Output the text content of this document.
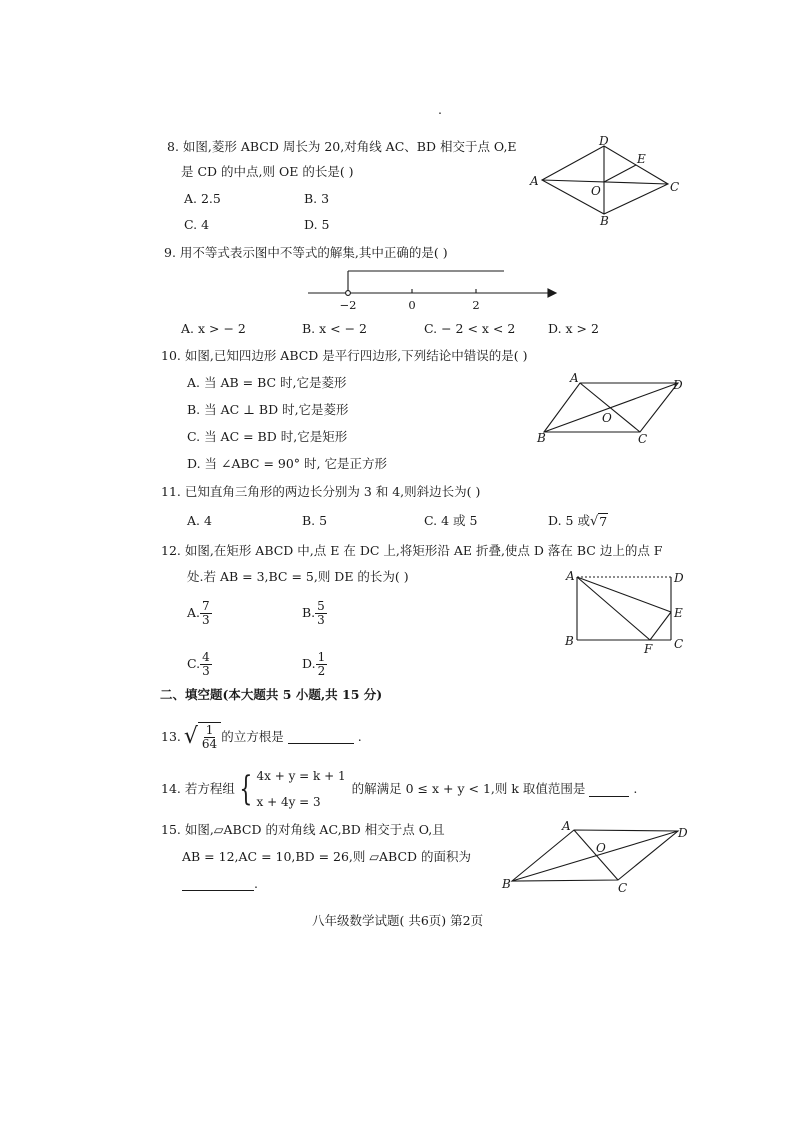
.
8. 如图,菱形 ABCD 周长为 20,对角线 AC、BD 相交于点 O,E
是 CD 的中点,则 OE 的长是( )
A. 2.5	B. 3
C. 4	D. 5
A
D
E
C
O
B
9. 用不等式表示图中不等式的解集,其中正确的是( )
−2	0	2
A. x > − 2	B. x < − 2	C. − 2 < x < 2	D. x > 2
10. 如图,已知四边形 ABCD 是平行四边形,下列结论中错误的是( )
A. 当 AB = BC 时,它是菱形
B. 当 AC ⊥ BD 时,它是菱形
C. 当 AC = BD 时,它是矩形
D. 当 ∠ABC = 90° 时, 它是正方形
A	D
O
B	C
11. 已知直角三角形的两边长分别为 3 和 4,则斜边长为( )
A. 4	B. 5	C. 4 或 5	D. 5 或 √ 7
12. 如图,在矩形 ABCD 中,点 E 在 DC 上,将矩形沿 AE 折叠,使点 D 落在 BC 边上的点 F
处.若 AB = 3,BC = 5,则 DE 的长为( )
A. $\frac{7}{3}$	B. $\frac{5}{3}$
C. $\frac{4}{3}$	D. $\frac{1}{2}$
A	D
E
B	C
F
二、填空题(本大题共 5 小题,共 15 分)
13. √ $\frac{1}{64}$ 的立方根是	.
14. 若方程组 { 4x + y = k + 1
x + 4y = 3
的解满足 0 ≤ x + y < 1,则 k 取值范围是	.
15. 如图,▱ABCD 的对角线 AC,BD 相交于点 O,且
AB = 12,AC = 10,BD = 26,则 ▱ABCD 的面积为
.
A	D
O
B	C
八年级数学试题( 共6页) 第2页
